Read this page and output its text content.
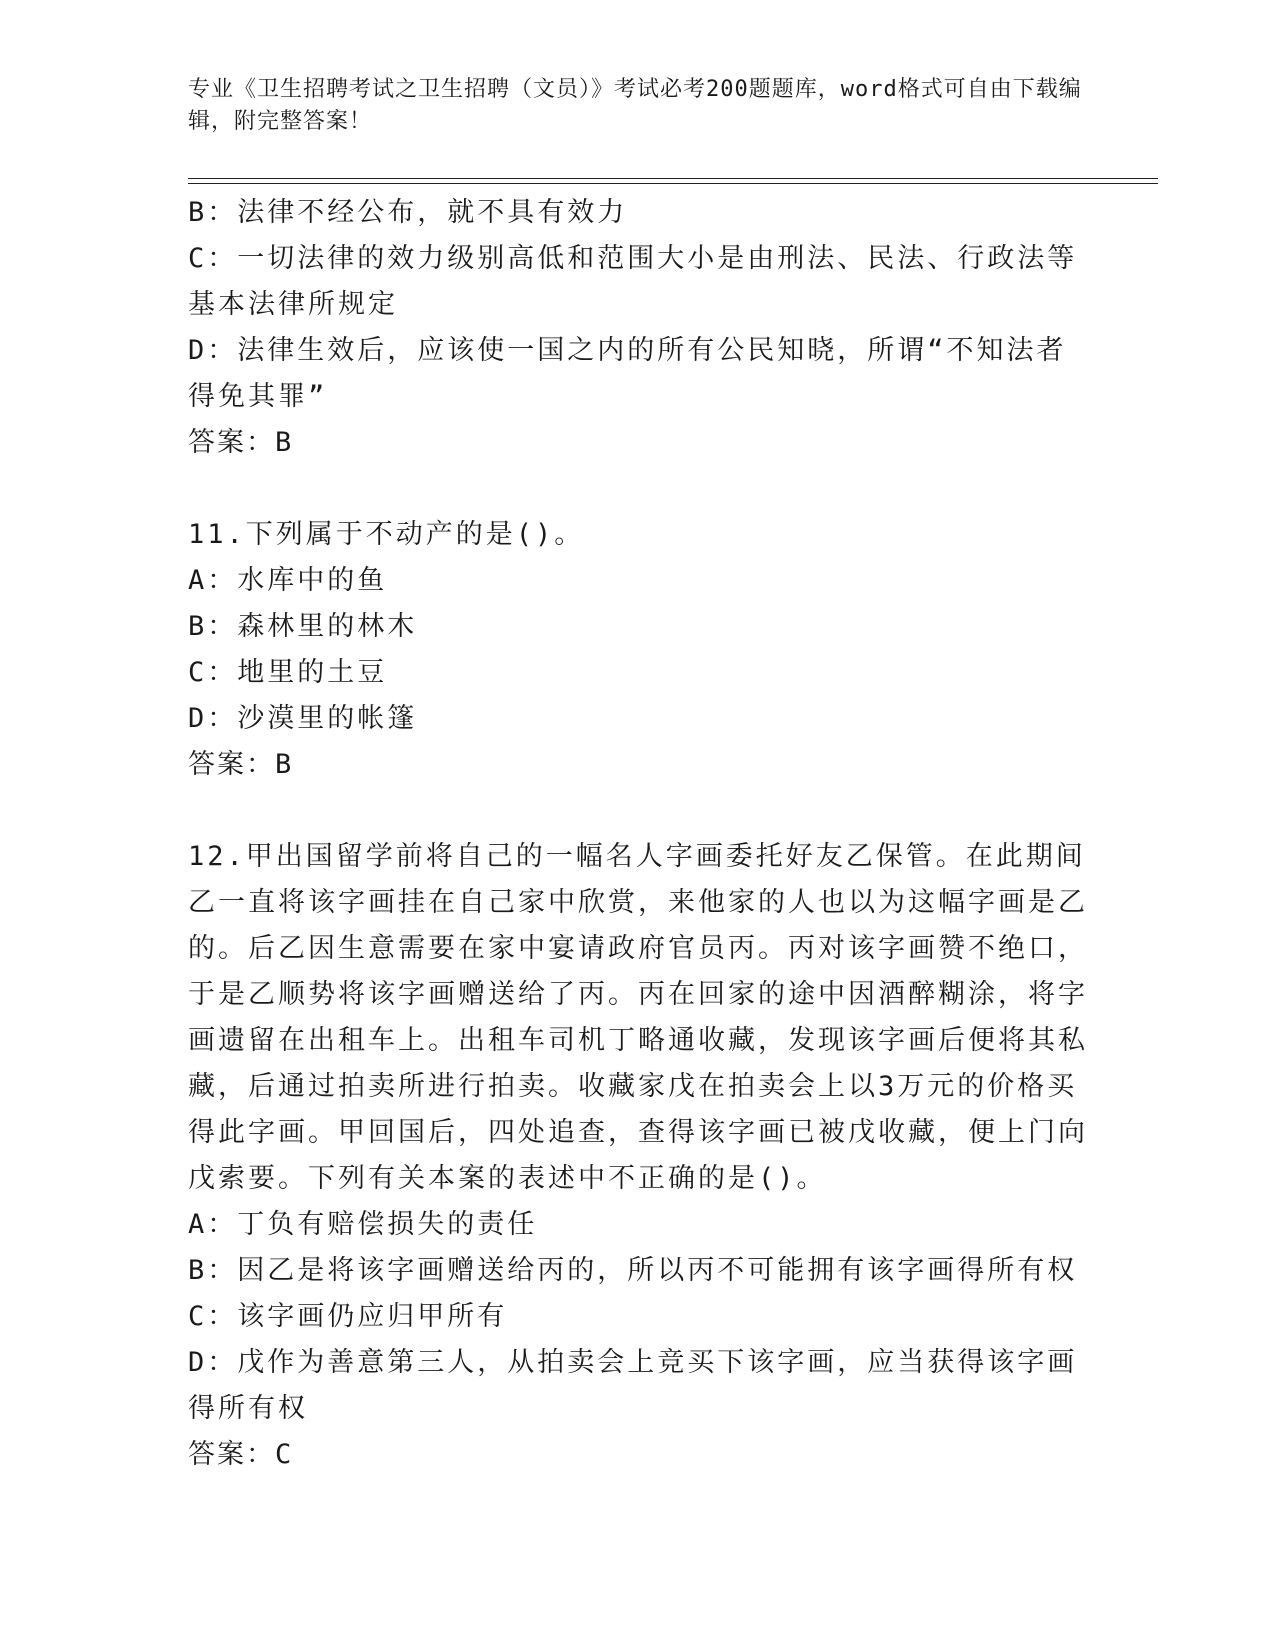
专业《卫生招聘考试之卫生招聘（文员）》考试必考200题题库，word格式可自由下载编辑，附完整答案！

B：法律不经公布，就不具有效力

C：一切法律的效力级别高低和范围大小是由刑法、民法、行政法等基本法律所规定

D：法律生效后，应该使一国之内的所有公民知晓，所谓“不知法者得免其罪”

答案：B

11.下列属于不动产的是()。

A：水库中的鱼

B：森林里的林木

C：地里的土豆

D：沙漠里的帐篷

答案：B

12.甲出国留学前将自己的一幅名人字画委托好友乙保管。在此期间乙一直将该字画挂在自己家中欣赏，来他家的人也以为这幅字画是乙的。后乙因生意需要在家中宴请政府官员丙。丙对该字画赞不绝口，于是乙顺势将该字画赠送给了丙。丙在回家的途中因酒醉糊涂，将字画遗留在出租车上。出租车司机丁略通收藏，发现该字画后便将其私藏，后通过拍卖所进行拍卖。收藏家戊在拍卖会上以3万元的价格买得此字画。甲回国后，四处追查，查得该字画已被戊收藏，便上门向戊索要。下列有关本案的表述中不正确的是()。

A：丁负有赔偿损失的责任

B：因乙是将该字画赠送给丙的，所以丙不可能拥有该字画得所有权

C：该字画仍应归甲所有

D：戊作为善意第三人，从拍卖会上竞买下该字画，应当获得该字画得所有权

答案：C
